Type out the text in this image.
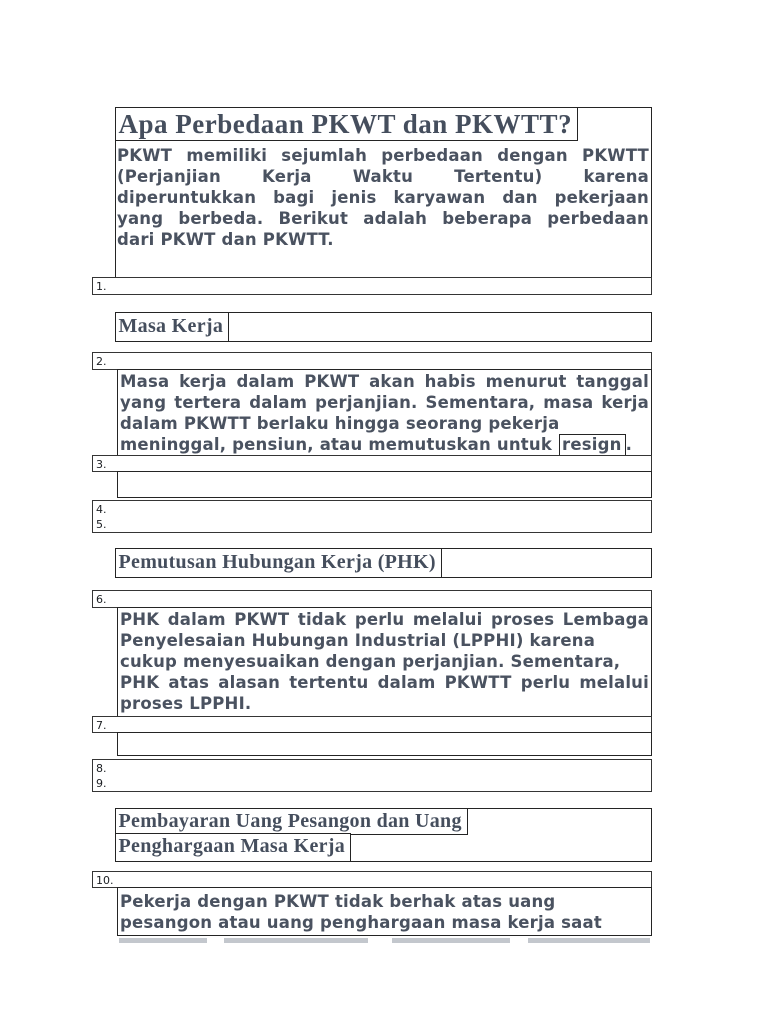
Apa Perbedaan PKWT dan PKWTT?
PKWT memiliki sejumlah perbedaan dengan PKWTT
(Perjanjian Kerja Waktu Tertentu) karena
diperuntukkan bagi jenis karyawan dan pekerjaan
yang berbeda. Berikut adalah beberapa perbedaan
dari PKWT dan PKWTT.
1.
Masa Kerja
2.
Masa kerja dalam PKWT akan habis menurut tanggal
yang tertera dalam perjanjian. Sementara, masa kerja
dalam PKWTT berlaku hingga seorang pekerja
meninggal, pensiun, atau memutuskan untuk resign .
3.
4.
5.
Pemutusan Hubungan Kerja (PHK)
6.
PHK dalam PKWT tidak perlu melalui proses Lembaga
Penyelesaian Hubungan Industrial (LPPHI) karena
cukup menyesuaikan dengan perjanjian. Sementara,
PHK atas alasan tertentu dalam PKWTT perlu melalui
proses LPPHI.
7.
8.
9.
Pembayaran Uang Pesangon dan Uang
Penghargaan Masa Kerja
10.
Pekerja dengan PKWT tidak berhak atas uang
pesangon atau uang penghargaan masa kerja saat
